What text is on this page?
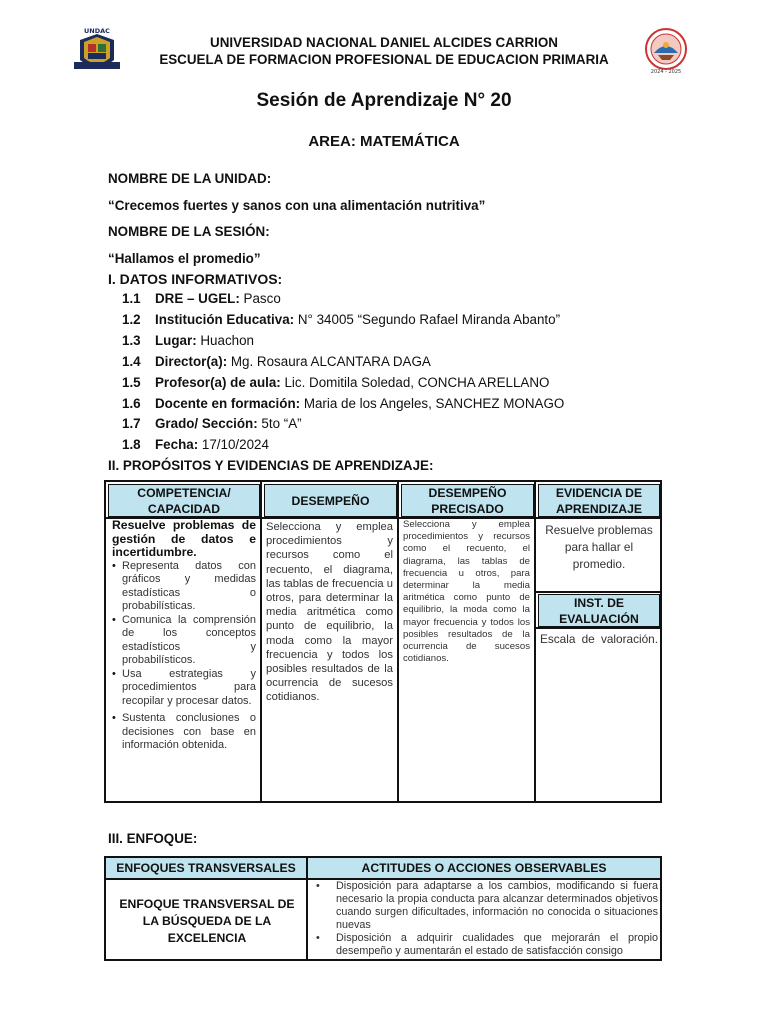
UNDAC
2024 - 2025
UNIVERSIDAD NACIONAL DANIEL ALCIDES CARRION
ESCUELA DE FORMACION PROFESIONAL DE EDUCACION PRIMARIA
Sesión de Aprendizaje N° 20
AREA: MATEMÁTICA
NOMBRE DE LA UNIDAD:
“Crecemos fuertes y sanos con una alimentación nutritiva”
NOMBRE DE LA SESIÓN:
“Hallamos el promedio”
I. DATOS INFORMATIVOS:
1.1 DRE – UGEL: Pasco
1.2 Institución Educativa: N° 34005 “Segundo Rafael Miranda Abanto”
1.3 Lugar: Huachon
1.4 Director(a): Mg. Rosaura ALCANTARA DAGA
1.5 Profesor(a) de aula: Lic. Domitila Soledad, CONCHA ARELLANO
1.6 Docente en formación: Maria de los Angeles, SANCHEZ MONAGO
1.7 Grado/ Sección: 5to “A”
1.8 Fecha: 17/10/2024
II. PROPÓSITOS Y EVIDENCIAS DE APRENDIZAJE:
COMPETENCIA/ CAPACIDAD
DESEMPEÑO
DESEMPEÑO PRECISADO
EVIDENCIA DE APRENDIZAJE
Resuelve problemas de gestión de datos e incertidumbre.

• Representa datos con gráficos y medidas estadísticas o probabilísticas.

• Comunica la comprensión de los conceptos estadísticos y probabilísticos.

• Usa estrategias y procedimientos para recopilar y procesar datos.

• Sustenta conclusiones o decisiones con base en información obtenida.

Selecciona y emplea procedimientos y recursos como el recuento, el diagrama, las tablas de frecuencia u otros, para determinar la media aritmética como punto de equilibrio, la moda como la mayor frecuencia y todos los posibles resultados de la ocurrencia de sucesos cotidianos.
Selecciona y emplea procedimientos y recursos como el recuento, el diagrama, las tablas de frecuencia u otros, para determinar la media aritmética como punto de equilibrio, la moda como la mayor frecuencia y todos los posibles resultados de la ocurrencia de sucesos cotidianos.
Resuelve problemas para hallar el promedio.
INST. DE EVALUACIÓN
Escala de valoración.
III. ENFOQUE:
ENFOQUES TRANSVERSALES	ACTITUDES O ACCIONES OBSERVABLES
ENFOQUE TRANSVERSAL DE LA BÚSQUEDA DE LA EXCELENCIA
• Disposición para adaptarse a los cambios, modificando si fuera necesario la propia conducta para alcanzar determinados objetivos cuando surgen dificultades, información no conocida o situaciones nuevas
• Disposición a adquirir cualidades que mejorarán el propio desempeño y aumentarán el estado de satisfacción consigo
